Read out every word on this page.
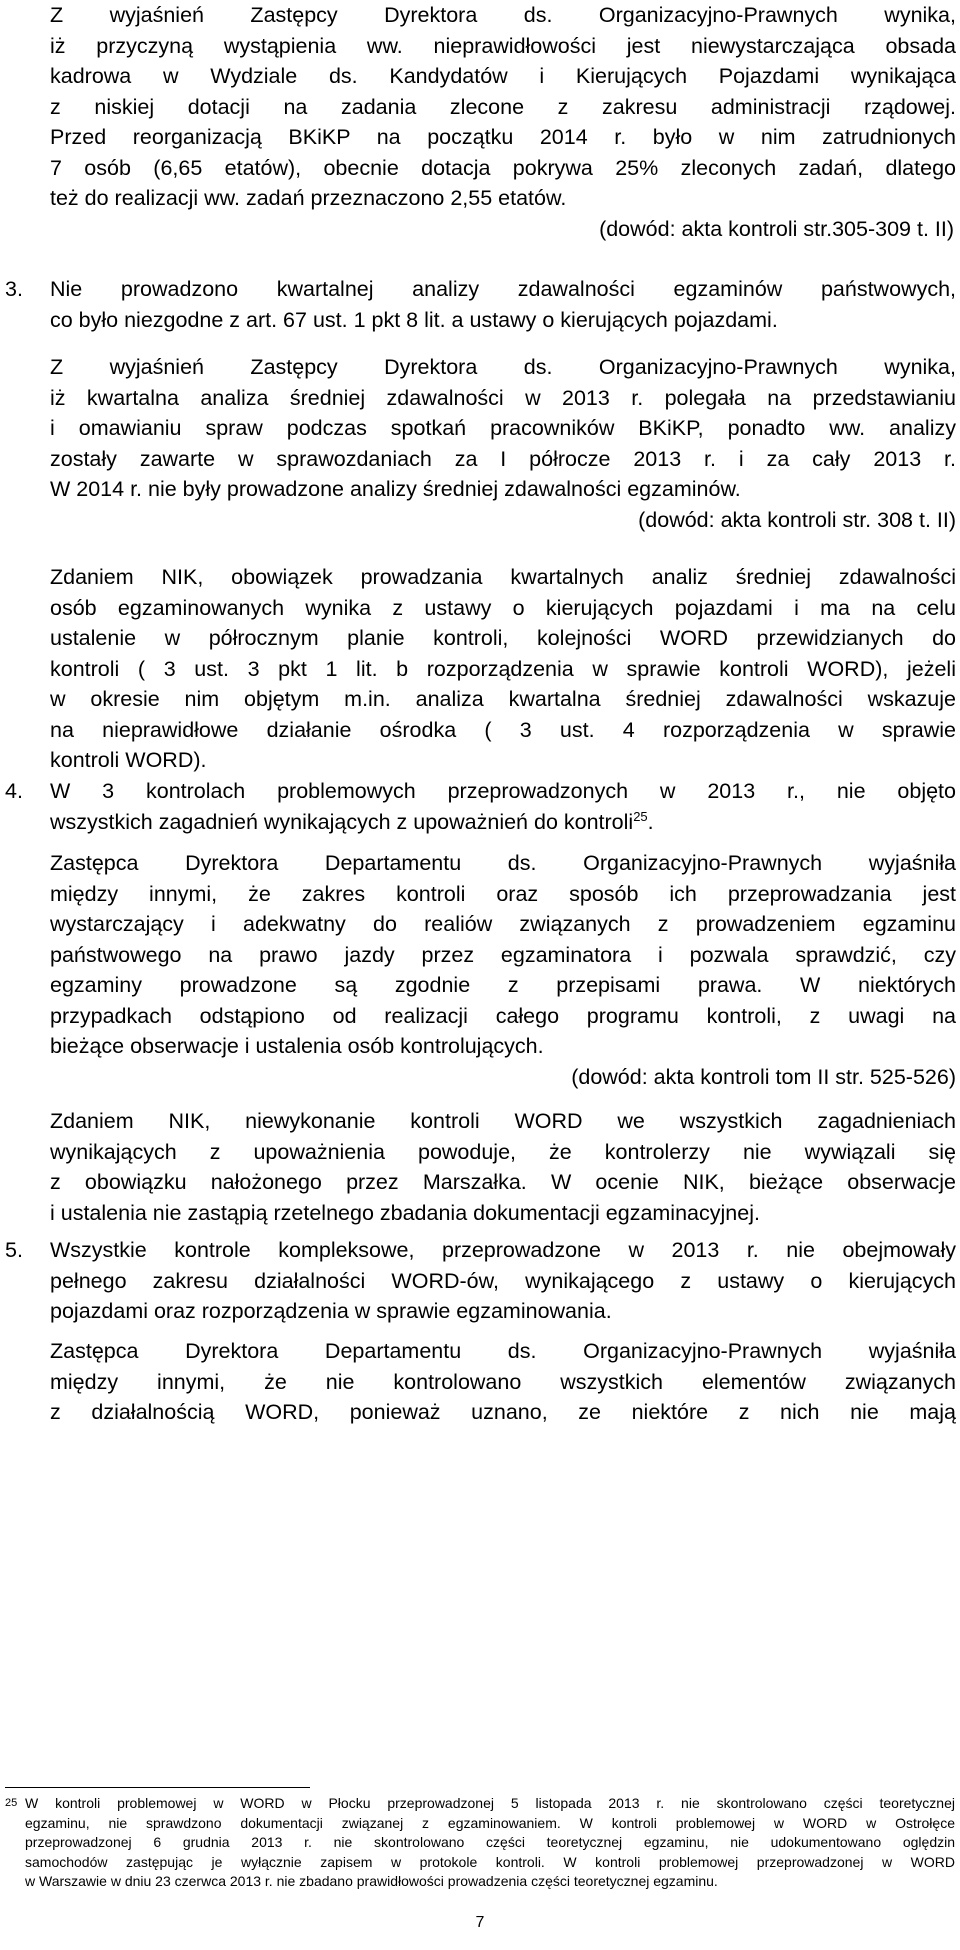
Z wyjaśnień Zastępcy Dyrektora ds. Organizacyjno-Prawnych wynika,
iż przyczyną wystąpienia ww. nieprawidłowości jest niewystarczająca obsada
kadrowa w Wydziale ds. Kandydatów i Kierujących Pojazdami wynikająca
z niskiej dotacji na zadania zlecone z zakresu administracji rządowej.
Przed reorganizacją BKiKP na początku 2014 r. było w nim zatrudnionych
7 osób (6,65 etatów), obecnie dotacja pokrywa 25% zleconych zadań, dlatego
też do realizacji ww. zadań przeznaczono 2,55 etatów.
(dowód: akta kontroli str.305-309 t. II)
3. Nie prowadzono kwartalnej analizy zdawalności egzaminów państwowych,
co było niezgodne z art. 67 ust. 1 pkt 8 lit. a ustawy o kierujących pojazdami.
Z wyjaśnień Zastępcy Dyrektora ds. Organizacyjno-Prawnych wynika,
iż kwartalna analiza średniej zdawalności w 2013 r. polegała na przedstawianiu
i omawianiu spraw podczas spotkań pracowników BKiKP, ponadto ww. analizy
zostały zawarte w sprawozdaniach za I półrocze 2013 r. i za cały 2013 r.
W 2014 r. nie były prowadzone analizy średniej zdawalności egzaminów.
(dowód: akta kontroli str. 308 t. II)
Zdaniem NIK, obowiązek prowadzania kwartalnych analiz średniej zdawalności
osób egzaminowanych wynika z ustawy o kierujących pojazdami i ma na celu
ustalenie w półrocznym planie kontroli, kolejności WORD przewidzianych do
kontroli ( 3 ust. 3 pkt 1 lit. b rozporządzenia w sprawie kontroli WORD), jeżeli
w okresie nim objętym m.in. analiza kwartalna średniej zdawalności wskazuje
na nieprawidłowe działanie ośrodka ( 3 ust. 4 rozporządzenia w sprawie
kontroli WORD).
4. W 3 kontrolach problemowych przeprowadzonych w 2013 r., nie objęto
wszystkich zagadnień wynikających z upoważnień do kontroli$^{25}$.
Zastępca Dyrektora Departamentu ds. Organizacyjno-Prawnych wyjaśniła
między innymi, że zakres kontroli oraz sposób ich przeprowadzania jest
wystarczający i adekwatny do realiów związanych z prowadzeniem egzaminu
państwowego na prawo jazdy przez egzaminatora i pozwala sprawdzić, czy
egzaminy prowadzone są zgodnie z przepisami prawa. W niektórych
przypadkach odstąpiono od realizacji całego programu kontroli, z uwagi na
bieżące obserwacje i ustalenia osób kontrolujących.
(dowód: akta kontroli tom II str. 525-526)
Zdaniem NIK, niewykonanie kontroli WORD we wszystkich zagadnieniach
wynikających z upoważnienia powoduje, że kontrolerzy nie wywiązali się
z obowiązku nałożonego przez Marszałka. W ocenie NIK, bieżące obserwacje
i ustalenia nie zastąpią rzetelnego zbadania dokumentacji egzaminacyjnej.
5. Wszystkie kontrole kompleksowe, przeprowadzone w 2013 r. nie obejmowały
pełnego zakresu działalności WORD-ów, wynikającego z ustawy o kierujących
pojazdami oraz rozporządzenia w sprawie egzaminowania.
Zastępca Dyrektora Departamentu ds. Organizacyjno-Prawnych wyjaśniła
między innymi, że nie kontrolowano wszystkich elementów związanych
z działalnością WORD, ponieważ uznano, ze niektóre z nich nie mają
25 W kontroli problemowej w WORD w Płocku przeprowadzonej 5 listopada 2013 r. nie skontrolowano części teoretycznej
egzaminu, nie sprawdzono dokumentacji związanej z egzaminowaniem. W kontroli problemowej w WORD w Ostrołęce
przeprowadzonej 6 grudnia 2013 r. nie skontrolowano części teoretycznej egzaminu, nie udokumentowano oględzin
samochodów zastępując je wyłącznie zapisem w protokole kontroli. W kontroli problemowej przeprowadzonej w WORD
w Warszawie w dniu 23 czerwca 2013 r. nie zbadano prawidłowości prowadzenia części teoretycznej egzaminu.
7
